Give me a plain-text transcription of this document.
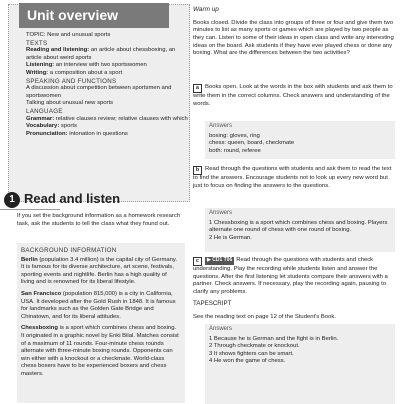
Unit overview

TOPIC: New and unusual sports

TEXTS

Reading and listening: an article about chessboxing, an article about weird sports

Listening: an interview with two sportswomen

Writing: a composition about a sport

SPEAKING AND FUNCTIONS

A discussion about competition between sportsmen and sportswomen

Talking about unusual new sports

LANGUAGE

Grammar: relative clauses review; relative clauses with which

Vocabulary: sports

Pronunciation: intonation in questions

1 Read and listen

If you set the background information as a homework research task, ask the students to tell the class what they found out.

BACKGROUND INFORMATION

Berlin (population 3.4 million) is the capital city of Germany. It is famous for its diverse architecture, art scene, festivals, sporting events and nightlife. Berlin has a high quality of living and is renowned for its liberal lifestyle.

San Francisco (population 815,000) is a city in California, USA. It developed after the Gold Rush in 1848. It is famous for landmarks such as the Golden Gate Bridge and Chinatown, and for its liberal attitudes.

Chessboxing is a sport which combines chess and boxing. It originated in a graphic novel by Enki Bilal. Matches consist of a maximum of 11 rounds. Four-minute chess rounds alternate with three-minute boxing rounds. Opponents can win either with a knockout or a checkmate. World-class chess boxers have to be experienced boxers and chess masters.

Warm up

Books closed. Divide the class into groups of three or four and give them two minutes to list as many sports or games which are played by two people as they can. Listen to some of their ideas in open class and write any interesting ideas on the board. Ask students if they have ever played chess or done any boxing. What are the differences between the two activities?

a Books open. Look at the words in the box with students and ask them to write them in the correct columns. Check answers and understanding of the words.

Answers

boxing: gloves, ring

chess: queen, board, checkmate

both: round, referee

b Read through the questions with students and ask them to read the text to find the answers. Encourage students not to look up every new word but just to focus on finding the answers to the questions.

Answers

1 Chessboxing is a sport which combines chess and boxing. Players alternate one round of chess with one round of boxing.

2 He is German.

c ▶ CD1 T06 Read through the questions with students and check understanding. Play the recording while students listen and answer the questions. After the first listening let students compare their answers with a partner. Check answers. If necessary, play the recording again, pausing to clarify any problems.

TAPESCRIPT

See the reading text on page 12 of the Student's Book.

Answers

1 Because he is German and the fight is in Berlin.

2 Through checkmate or knockout.

3 It shows fighters can be smart.

4 He won the game of chess.
